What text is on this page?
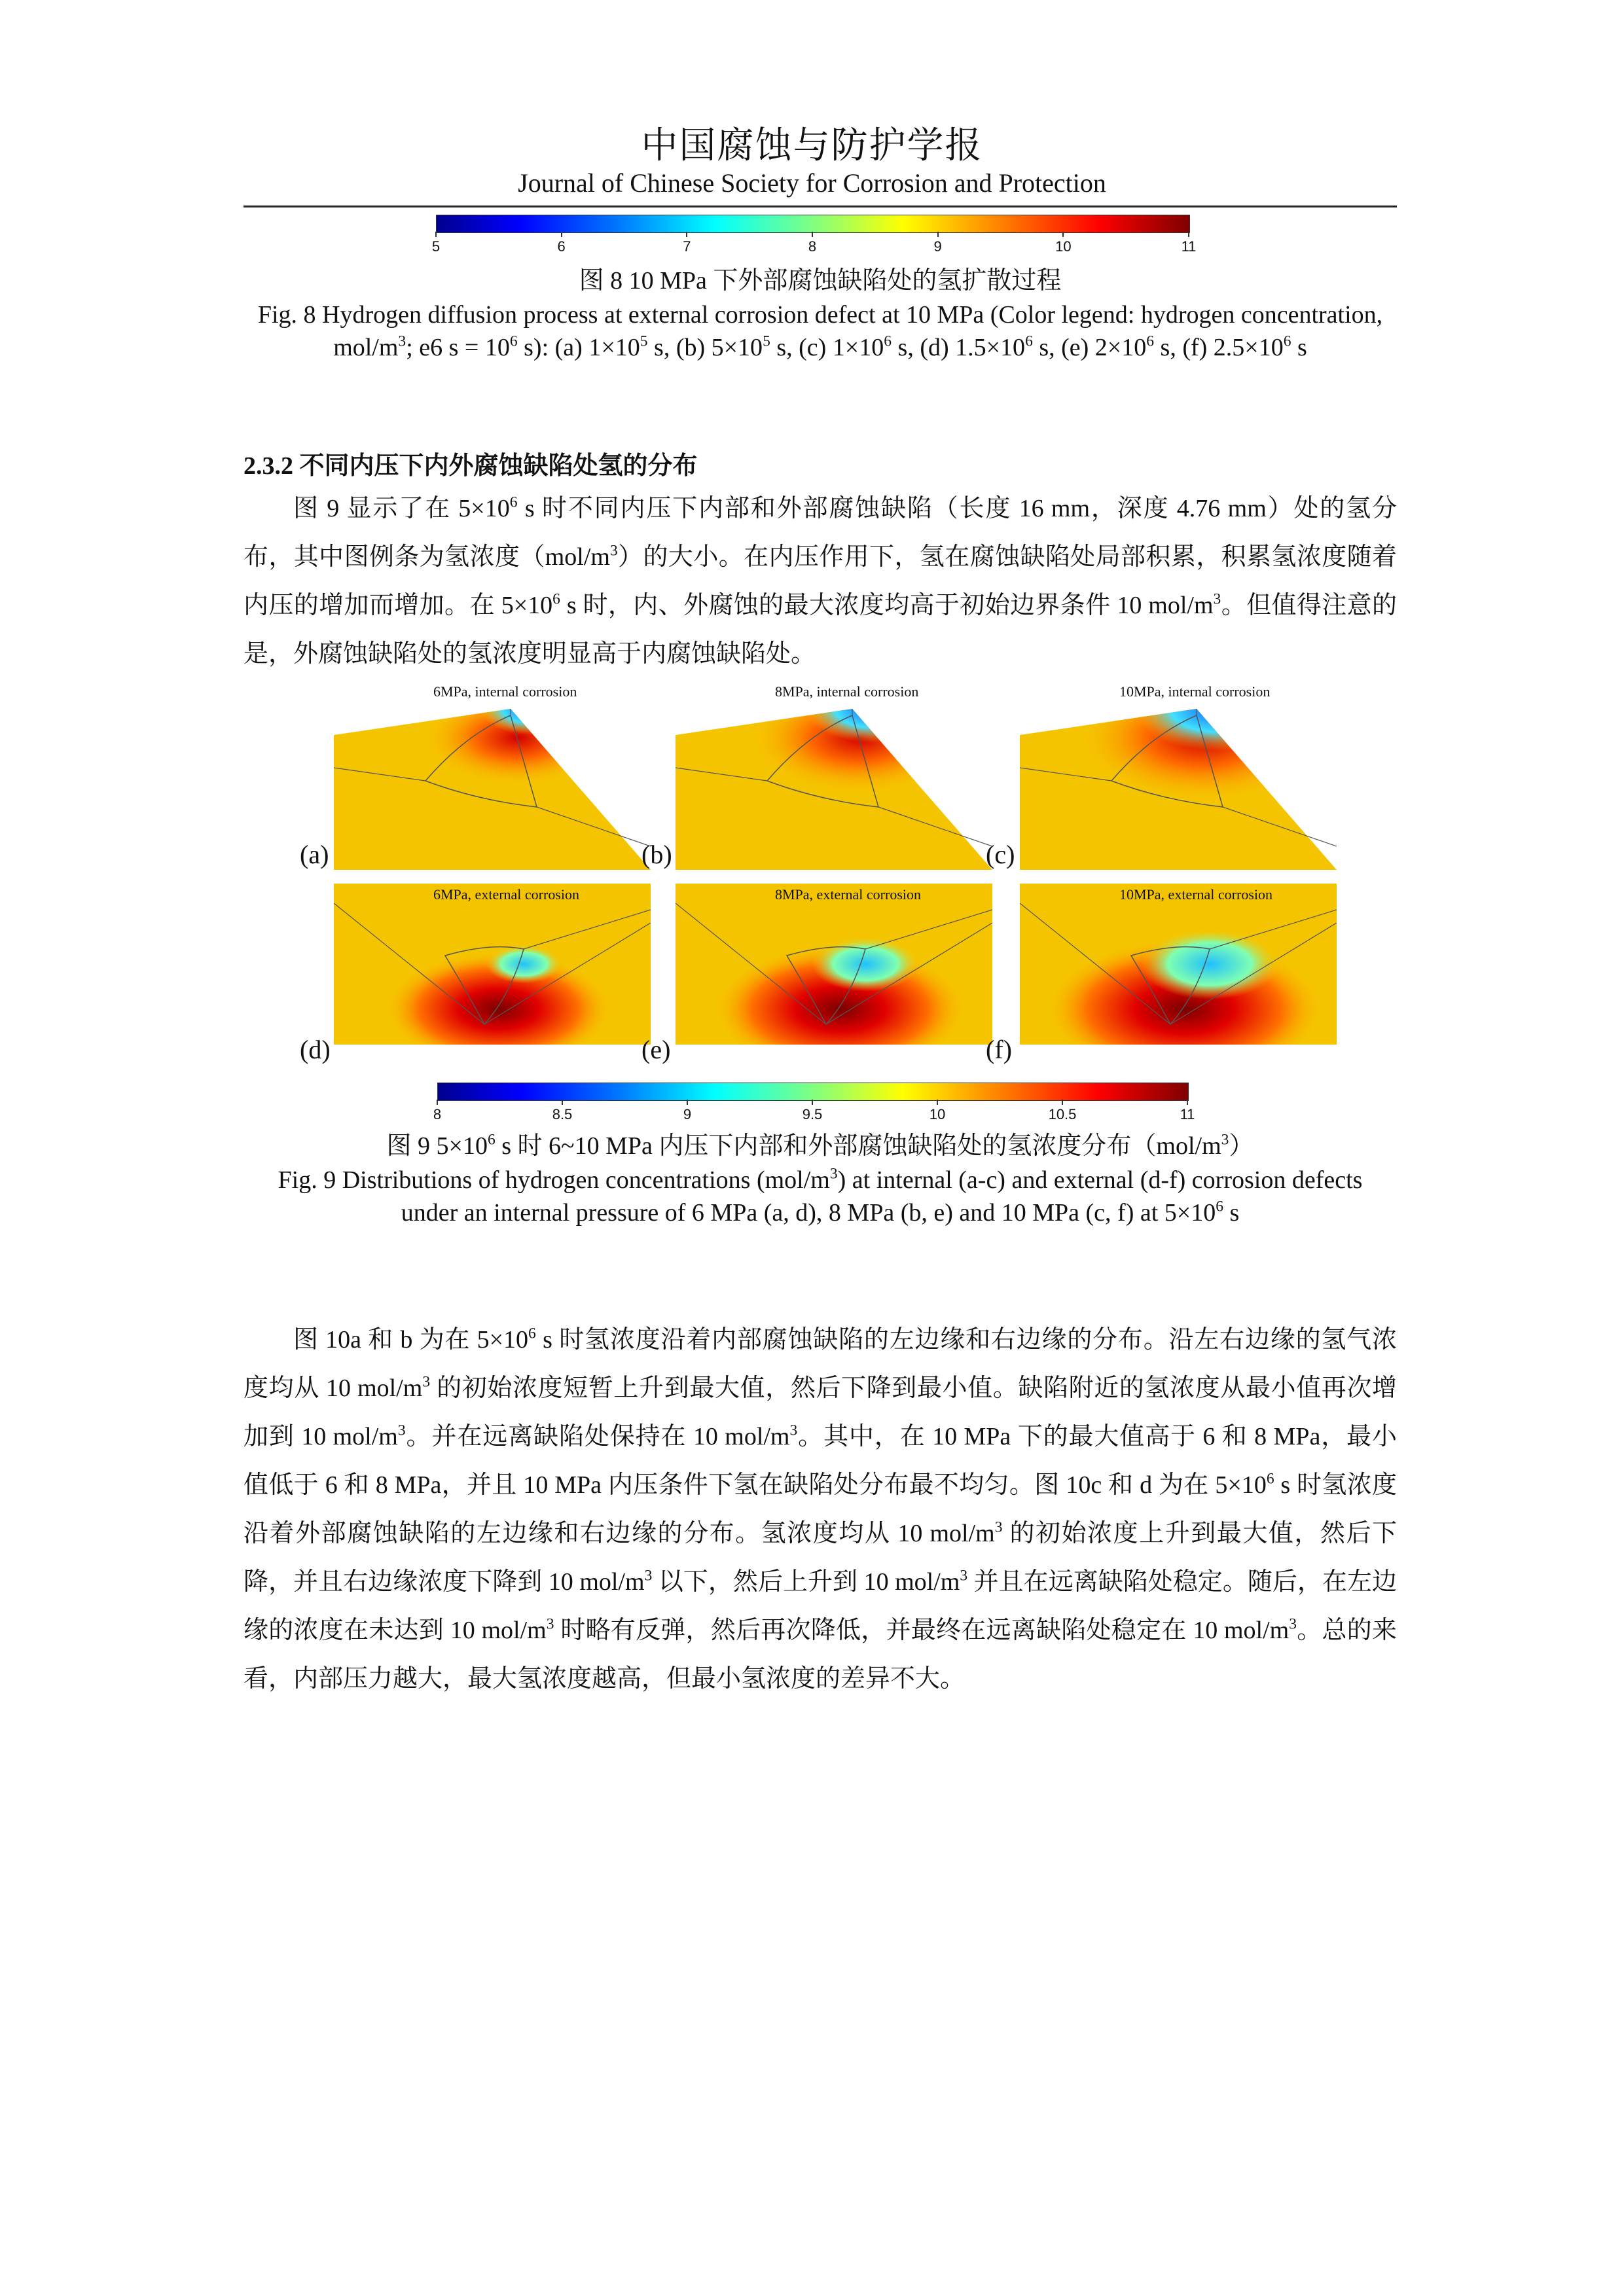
中国腐蚀与防护学报
Journal of Chinese Society for Corrosion and Protection
5	6	7	8	9	10	11
图 8 10 MPa 下外部腐蚀缺陷处的氢扩散过程
Fig. 8 Hydrogen diffusion process at external corrosion defect at 10 MPa (Color legend: hydrogen concentration, mol/$m^3$; e6 $s = 10^6$ s): (a) $1\times 10^5$ s, (b) $5\times 10^5$ s, (c) $1\times 10^6$ s, (d) $1.5\times 10^6$ s, (e) $2\times 10^6$ s, (f) $2.5\times 10^6$ s
2.3.2 不同内压下内外腐蚀缺陷处氢的分布

图 9 显示了在 $5\times 10^6$ s 时不同内压下内部和外部腐蚀缺陷（长度 16 mm，深度 4.76 mm）处的氢分布，其中图例条为氢浓度$(mol/m^3)$的大小。在内压作用下，氢在腐蚀缺陷处局部积累，积累氢浓度随着内压的增加而增加。在 $5\times 10^6$ s 时，内、外腐蚀的最大浓度均高于初始边界条件 10 mol/$m^3$。但值得注意的是，外腐蚀缺陷处的氢浓度明显高于内腐蚀缺陷处。

6MPa, internal corrosion
(a)
8MPa, internal corrosion
(b)
10MPa, internal corrosion
(c)
6MPa, external corrosion
(d)
8MPa, external corrosion
(e)
10MPa, external corrosion
(f)
8	8.5	9	9.5	10	10.5	11
图 9 $5\times 10^6$ s 时 6~10 MPa 内压下内部和外部腐蚀缺陷处的氢浓度分布$(mol/m^3)$
Fig. 9 Distributions of hydrogen concentrations $(mol/m^3)$ at internal (a-c) and external (d-f) corrosion defects under an internal pressure of 6 MPa (a, d), 8 MPa (b, e) and 10 MPa (c, f) at $5\times 10^6$ s

图 10a 和 b 为在 $5\times 10^6$ s 时氢浓度沿着内部腐蚀缺陷的左边缘和右边缘的分布。沿左右边缘的氢气浓度均从 10 mol/$m^3$ 的初始浓度短暂上升到最大值，然后下降到最小值。缺陷附近的氢浓度从最小值再次增加到 10 mol/$m^3$。并在远离缺陷处保持在 10 mol/$m^3$。其中，在 10 MPa 下的最大值高于 6 和 8 MPa，最小值低于 6 和 8 MPa，并且 10 MPa 内压条件下氢在缺陷处分布最不均匀。图 10c 和 d 为在 $5\times 10^6$ s 时氢浓度沿着外部腐蚀缺陷的左边缘和右边缘的分布。氢浓度均从 10 mol/$m^3$ 的初始浓度上升到最大值，然后下降，并且右边缘浓度下降到 10 mol/$m^3$ 以下，然后上升到 10 mol/$m^3$ 并且在远离缺陷处稳定。随后，在左边缘的浓度在未达到 10 mol/$m^3$ 时略有反弹，然后再次降低，并最终在远离缺陷处稳定在 10 mol/$m^3$。总的来看，内部压力越大，最大氢浓度越高，但最小氢浓度的差异不大。
